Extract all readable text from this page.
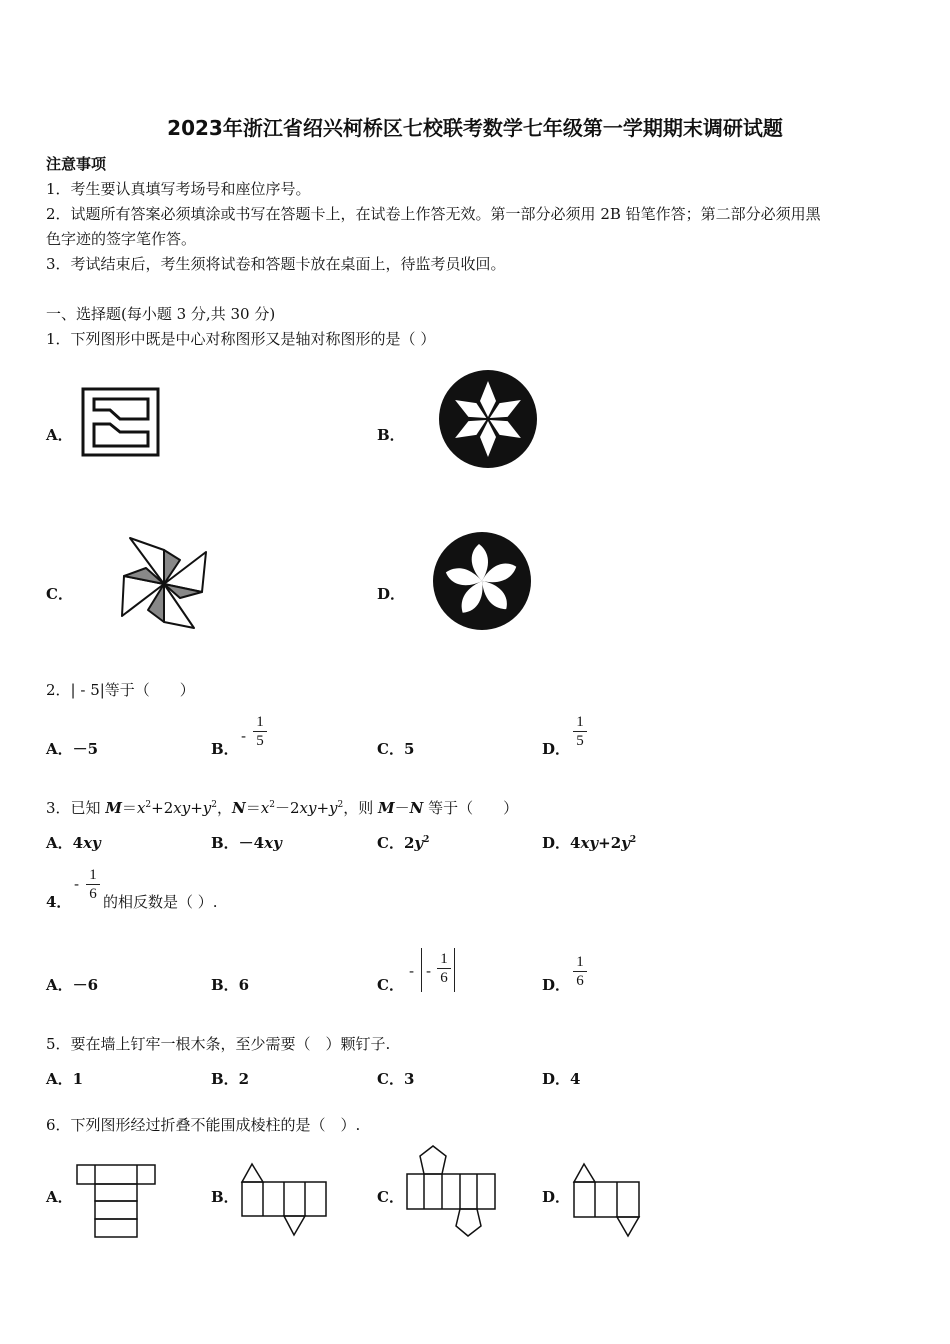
2023年浙江省绍兴柯桥区七校联考数学七年级第一学期期末调研试题
注意事项
1．考生要认真填写考场号和座位序号。
2．试题所有答案必须填涂或书写在答题卡上，在试卷上作答无效。第一部分必须用 2B 铅笔作答；第二部分必须用黑
色字迹的签字笔作答。
3．考试结束后，考生须将试卷和答题卡放在桌面上，待监考员收回。
一、选择题(每小题 3 分,共 30 分)
1．下列图形中既是中心对称图形又是轴对称图形的是（ ）
A．	B．
C．	D．
2．| - 5|等于（　　）
A．－5	B．
- $\frac{1}{5}$	C．5	D． $\frac{1}{5}$
3．已知 $M=x^2+2xy+y^2$，$N=x^2-2xy+y^2$，则 M－N 等于（　　）
A．4xy	B．－4xy	C．$2y^2$	D．$4xy+2y^2$
4．
- $\frac{1}{6}$ 的相反数是（ ）.
A．－6	B．6	C．
- - $\frac{1}{6}$	D． $\frac{1}{6}$
5．要在墙上钉牢一根木条，至少需要（　）颗钉子.
A．1	B．2	C．3	D．4
6．下列图形经过折叠不能围成棱柱的是（　）.
A．	B．	C．	D．
